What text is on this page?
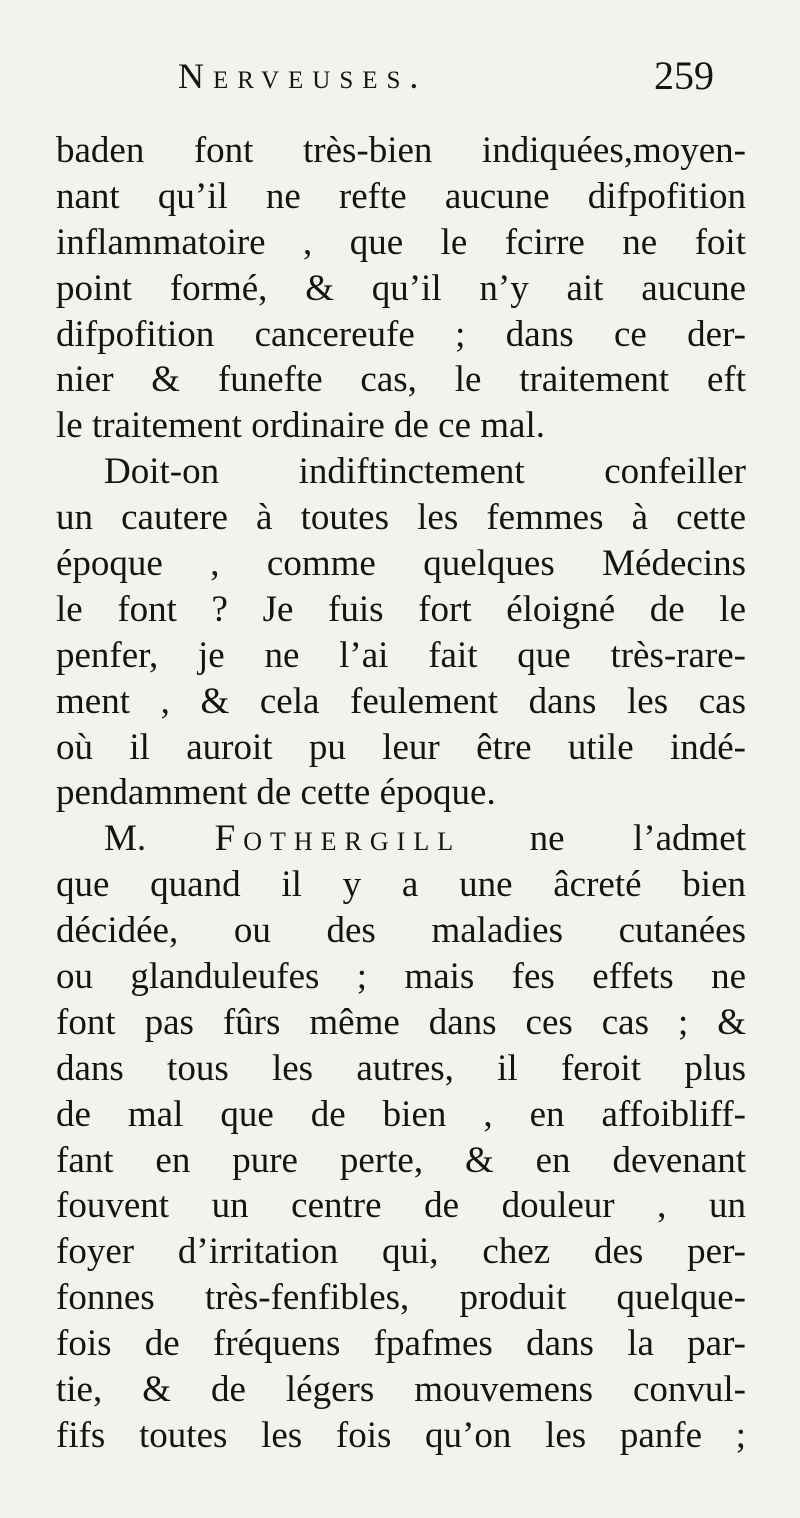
Nerveuses.	259
baden font très-bien indiquées,moyen-
nant qu’il ne refte aucune difpofition
inflammatoire , que le fcirre ne foit
point formé, & qu’il n’y ait aucune
difpofition cancereufe ; dans ce der-
nier & funefte cas, le traitement eft
le traitement ordinaire de ce mal.
Doit-on indiftinctement confeiller
un cautere à toutes les femmes à cette
époque , comme quelques Médecins
le font ? Je fuis fort éloigné de le
penfer, je ne l’ai fait que très-rare-
ment , & cela feulement dans les cas
où il auroit pu leur être utile indé-
pendamment de cette époque.
M. Fothergill ne l’admet
que quand il y a une âcreté bien
décidée, ou des maladies cutanées
ou glanduleufes ; mais fes effets ne
font pas fûrs même dans ces cas ; &
dans tous les autres, il feroit plus
de mal que de bien , en affoibliff-
fant en pure perte, & en devenant
fouvent un centre de douleur , un
foyer d’irritation qui, chez des per-
fonnes très-fenfibles, produit quelque-
fois de fréquens fpafmes dans la par-
tie, & de légers mouvemens convul-
fifs toutes les fois qu’on les panfe ;
